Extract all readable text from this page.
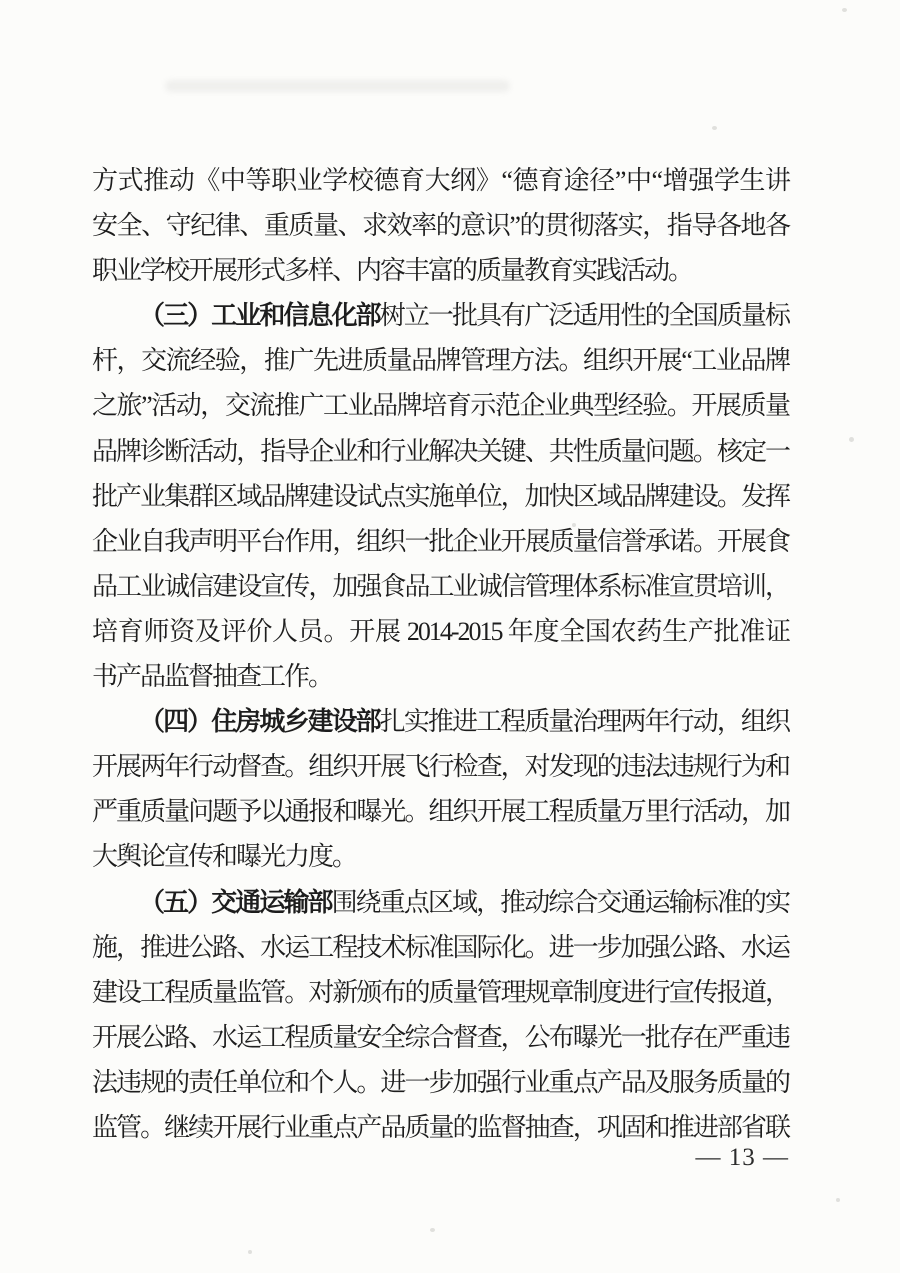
方式推动《中等职业学校德育大纲》“德育途径”中“增强学生讲
安全、守纪律、重质量、求效率的意识”的贯彻落实，指导各地各
职业学校开展形式多样、内容丰富的质量教育实践活动。
（三）工业和信息化部树立一批具有广泛适用性的全国质量标
杆，交流经验，推广先进质量品牌管理方法。组织开展“工业品牌
之旅”活动，交流推广工业品牌培育示范企业典型经验。开展质量
品牌诊断活动，指导企业和行业解决关键、共性质量问题。核定一
批产业集群区域品牌建设试点实施单位，加快区域品牌建设。发挥
企业自我声明平台作用，组织一批企业开展质量信誉承诺。开展食
品工业诚信建设宣传，加强食品工业诚信管理体系标准宣贯培训，
培育师资及评价人员。开展 2014-2015 年度全国农药生产批准证
书产品监督抽查工作。
（四）住房城乡建设部扎实推进工程质量治理两年行动，组织
开展两年行动督查。组织开展飞行检查，对发现的违法违规行为和
严重质量问题予以通报和曝光。组织开展工程质量万里行活动，加
大舆论宣传和曝光力度。
（五）交通运输部围绕重点区域，推动综合交通运输标准的实
施，推进公路、水运工程技术标准国际化。进一步加强公路、水运
建设工程质量监管。对新颁布的质量管理规章制度进行宣传报道，
开展公路、水运工程质量安全综合督查，公布曝光一批存在严重违
法违规的责任单位和个人。进一步加强行业重点产品及服务质量的
监管。继续开展行业重点产品质量的监督抽查，巩固和推进部省联
— 13 —
